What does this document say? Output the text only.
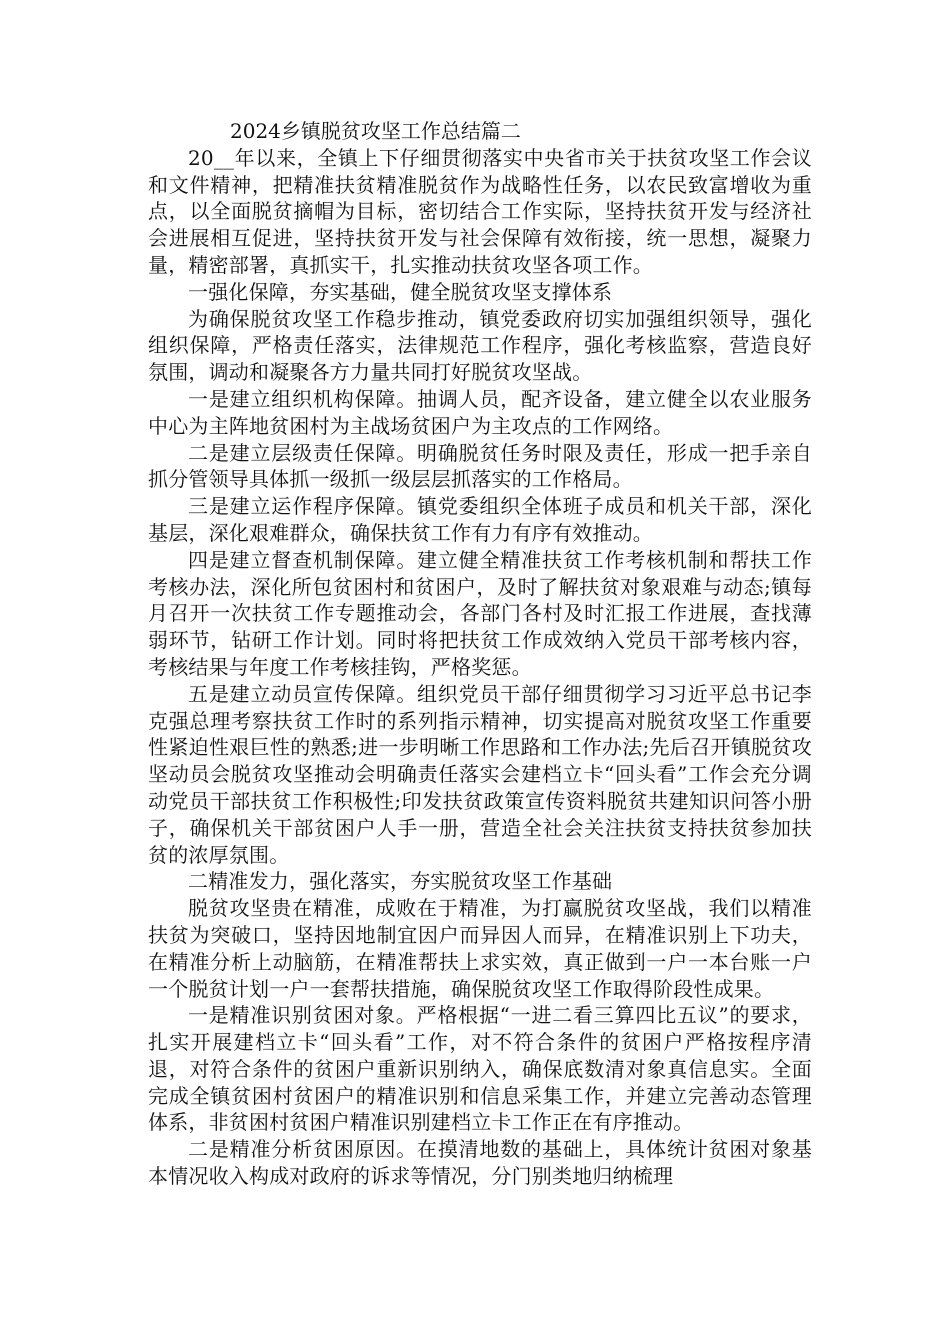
2024乡镇脱贫攻坚工作总结篇二

20__年以来，全镇上下仔细贯彻落实中央省市关于扶贫攻坚工作会议和文件精神，把精准扶贫精准脱贫作为战略性任务，以农民致富增收为重点，以全面脱贫摘帽为目标，密切结合工作实际，坚持扶贫开发与经济社会进展相互促进，坚持扶贫开发与社会保障有效衔接，统一思想，凝聚力量，精密部署，真抓实干，扎实推动扶贫攻坚各项工作。

一强化保障，夯实基础，健全脱贫攻坚支撑体系

为确保脱贫攻坚工作稳步推动，镇党委政府切实加强组织领导，强化组织保障，严格责任落实，法律规范工作程序，强化考核监察，营造良好氛围，调动和凝聚各方力量共同打好脱贫攻坚战。

一是建立组织机构保障。抽调人员，配齐设备，建立健全以农业服务中心为主阵地贫困村为主战场贫困户为主攻点的工作网络。

二是建立层级责任保障。明确脱贫任务时限及责任，形成一把手亲自抓分管领导具体抓一级抓一级层层抓落实的工作格局。

三是建立运作程序保障。镇党委组织全体班子成员和机关干部，深化基层，深化艰难群众，确保扶贫工作有力有序有效推动。

四是建立督查机制保障。建立健全精准扶贫工作考核机制和帮扶工作考核办法，深化所包贫困村和贫困户，及时了解扶贫对象艰难与动态;镇每月召开一次扶贫工作专题推动会，各部门各村及时汇报工作进展，查找薄弱环节，钻研工作计划。同时将把扶贫工作成效纳入党员干部考核内容，考核结果与年度工作考核挂钩，严格奖惩。

五是建立动员宣传保障。组织党员干部仔细贯彻学习习近平总书记李克强总理考察扶贫工作时的系列指示精神，切实提高对脱贫攻坚工作重要性紧迫性艰巨性的熟悉;进一步明晰工作思路和工作办法;先后召开镇脱贫攻坚动员会脱贫攻坚推动会明确责任落实会建档立卡“回头看”工作会充分调动党员干部扶贫工作积极性;印发扶贫政策宣传资料脱贫共建知识问答小册子，确保机关干部贫困户人手一册，营造全社会关注扶贫支持扶贫参加扶贫的浓厚氛围。

二精准发力，强化落实，夯实脱贫攻坚工作基础

脱贫攻坚贵在精准，成败在于精准，为打赢脱贫攻坚战，我们以精准扶贫为突破口，坚持因地制宜因户而异因人而异，在精准识别上下功夫，在精准分析上动脑筋，在精准帮扶上求实效，真正做到一户一本台账一户一个脱贫计划一户一套帮扶措施，确保脱贫攻坚工作取得阶段性成果。

一是精准识别贫困对象。严格根据“一进二看三算四比五议”的要求，扎实开展建档立卡“回头看”工作，对不符合条件的贫困户严格按程序清退，对符合条件的贫困户重新识别纳入，确保底数清对象真信息实。全面完成全镇贫困村贫困户的精准识别和信息采集工作，并建立完善动态管理体系，非贫困村贫困户精准识别建档立卡工作正在有序推动。

二是精准分析贫困原因。在摸清地数的基础上，具体统计贫困对象基本情况收入构成对政府的诉求等情况，分门别类地归纳梳理
